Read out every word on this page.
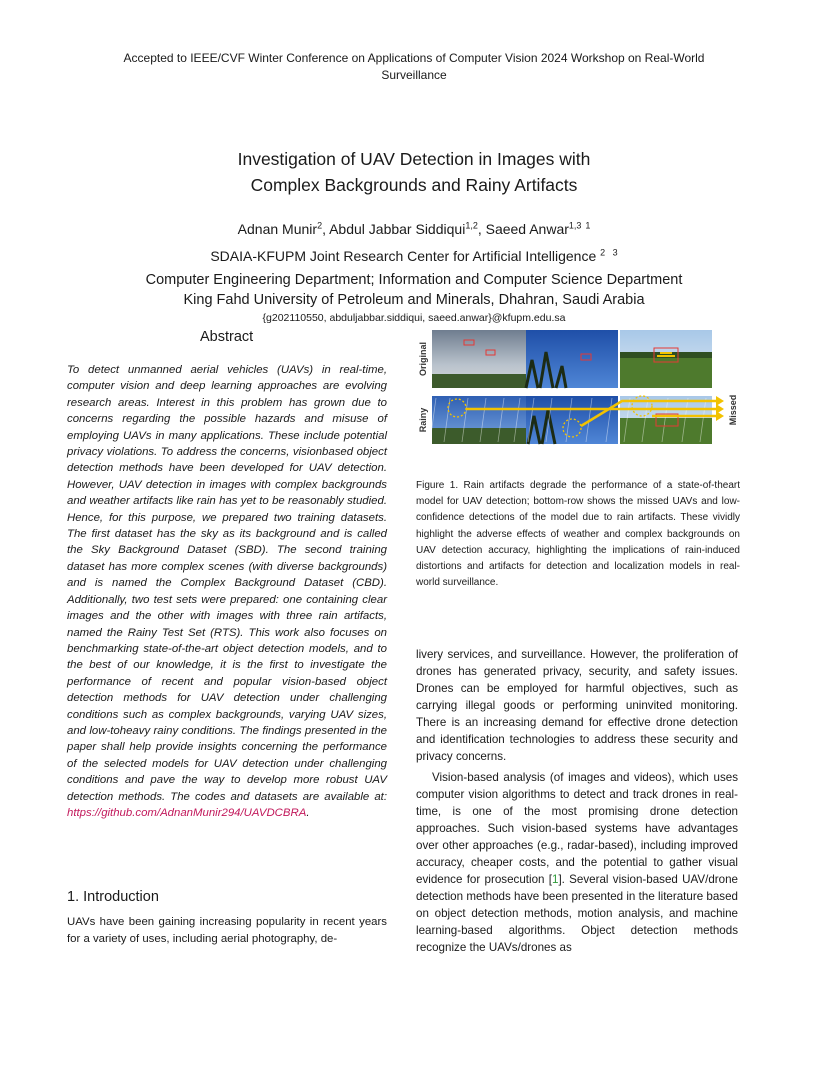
Accepted to IEEE/CVF Winter Conference on Applications of Computer Vision 2024 Workshop on Real-World Surveillance
Investigation of UAV Detection in Images with
Complex Backgrounds and Rainy Artifacts
Adnan Munir$^2$, Abdul Jabbar Siddiqui$^{1,2}$, Saeed Anwar$^{1,3}$ $^1$
SDAIA-KFUPM Joint Research Center for Artificial Intelligence $^{2 3}$
Computer Engineering Department; Information and Computer Science Department
King Fahd University of Petroleum and Minerals, Dhahran, Saudi Arabia
{g202110550, abduljabbar.siddiqui, saeed.anwar}@kfupm.edu.sa
Abstract
To detect unmanned aerial vehicles (UAVs) in real-time, computer vision and deep learning approaches are evolving research areas. Interest in this problem has grown due to concerns regarding the possible hazards and misuse of employing UAVs in many applications. These include potential privacy violations. To address the concerns, visionbased object detection methods have been developed for UAV detection. However, UAV detection in images with complex backgrounds and weather artifacts like rain has yet to be reasonably studied. Hence, for this purpose, we prepared two training datasets. The first dataset has the sky as its background and is called the Sky Background Dataset (SBD). The second training dataset has more complex scenes (with diverse backgrounds) and is named the Complex Background Dataset (CBD). Additionally, two test sets were prepared: one containing clear images and the other with images with three rain artifacts, named the Rainy Test Set (RTS). This work also focuses on benchmarking state-of-the-art object detection models, and to the best of our knowledge, it is the first to investigate the performance of recent and popular vision-based object detection methods for UAV detection under challenging conditions such as complex backgrounds, varying UAV sizes, and low-toheavy rainy conditions. The findings presented in the paper shall help provide insights concerning the performance of the selected models for UAV detection under challenging conditions and pave the way to develop more robust UAV detection methods. The codes and datasets are available at: https://github.com/AdnanMunir294/UAVDCBRA.
1. Introduction
UAVs have been gaining increasing popularity in recent years for a variety of uses, including aerial photography, de-
Original
Rainy	Missed
Figure 1. Rain artifacts degrade the performance of a state-of-theart model for UAV detection; bottom-row shows the missed UAVs and low-confidence detections of the model due to rain artifacts. These vividly highlight the adverse effects of weather and complex backgrounds on UAV detection accuracy, highlighting the implications of rain-induced distortions and artifacts for detection and localization models in real-world surveillance.

livery services, and surveillance. However, the proliferation of drones has generated privacy, security, and safety issues. Drones can be employed for harmful objectives, such as carrying illegal goods or performing uninvited monitoring. There is an increasing demand for effective drone detection and identification technologies to address these security and privacy concerns.

Vision-based analysis (of images and videos), which uses computer vision algorithms to detect and track drones in real-time, is one of the most promising drone detection approaches. Such vision-based systems have advantages over other approaches (e.g., radar-based), including improved accuracy, cheaper costs, and the potential to gather visual evidence for prosecution [1]. Several vision-based UAV/drone detection methods have been presented in the literature based on object detection methods, motion analysis, and machine learning-based algorithms. Object detection methods recognize the UAVs/drones as
